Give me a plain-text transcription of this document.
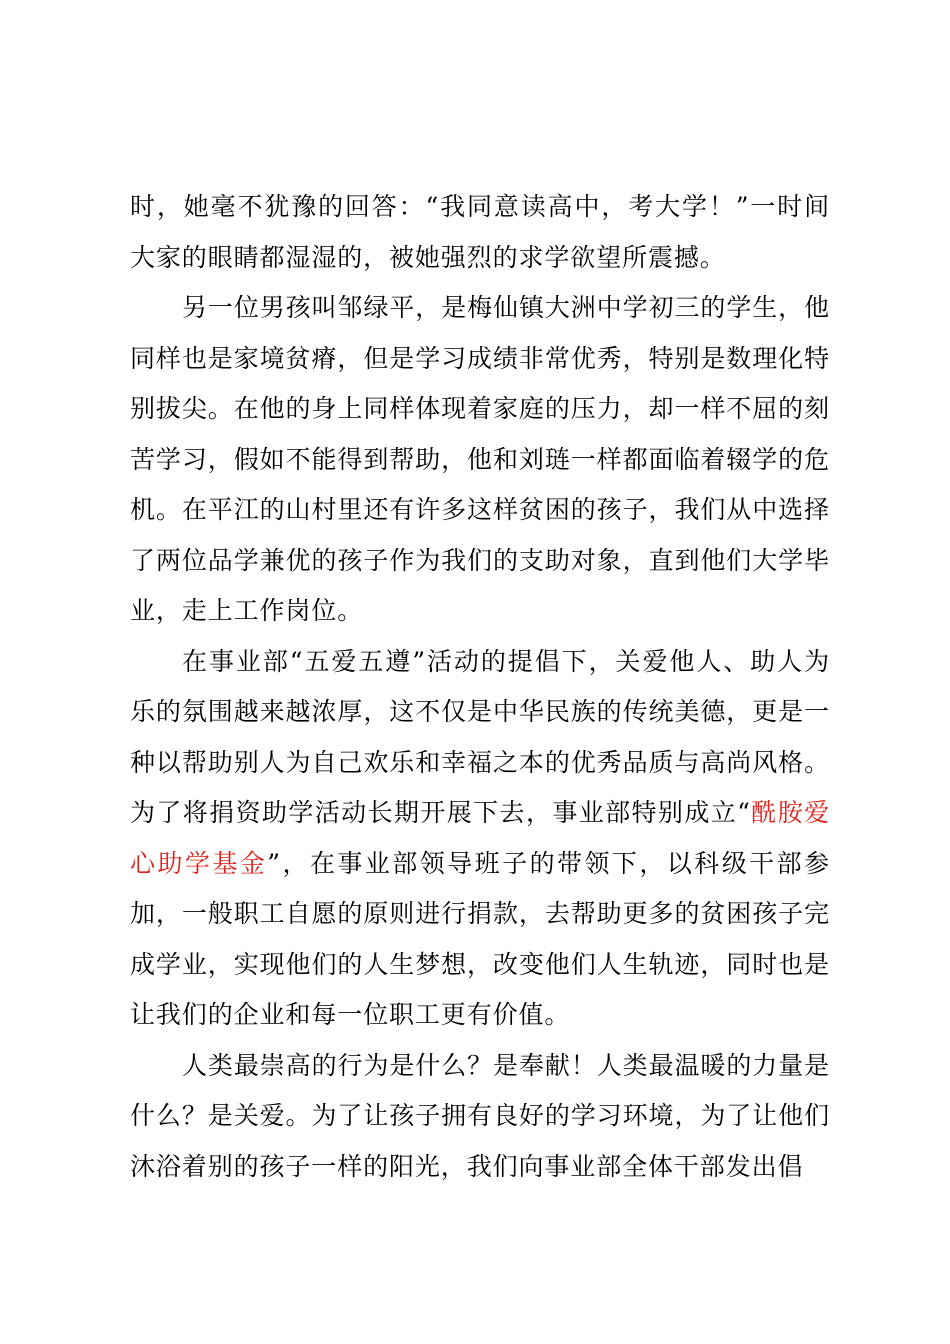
时，她毫不犹豫的回答：“我同意读高中，考大学！”一时间大家的眼睛都湿湿的，被她强烈的求学欲望所震撼。

另一位男孩叫邹绿平，是梅仙镇大洲中学初三的学生，他同样也是家境贫瘠，但是学习成绩非常优秀，特别是数理化特别拔尖。在他的身上同样体现着家庭的压力，却一样不屈的刻苦学习，假如不能得到帮助，他和刘琏一样都面临着辍学的危机。在平江的山村里还有许多这样贫困的孩子，我们从中选择了两位品学兼优的孩子作为我们的支助对象，直到他们大学毕业，走上工作岗位。

在事业部“五爱五遵”活动的提倡下，关爱他人、助人为乐的氛围越来越浓厚，这不仅是中华民族的传统美德，更是一种以帮助别人为自己欢乐和幸福之本的优秀品质与高尚风格。为了将捐资助学活动长期开展下去，事业部特别成立“酰胺爱心助学基金”，在事业部领导班子的带领下，以科级干部参加，一般职工自愿的原则进行捐款，去帮助更多的贫困孩子完成学业，实现他们的人生梦想，改变他们人生轨迹，同时也是让我们的企业和每一位职工更有价值。

人类最崇高的行为是什么？是奉献！人类最温暖的力量是什么？是关爱。为了让孩子拥有良好的学习环境，为了让他们沐浴着别的孩子一样的阳光，我们向事业部全体干部发出倡
